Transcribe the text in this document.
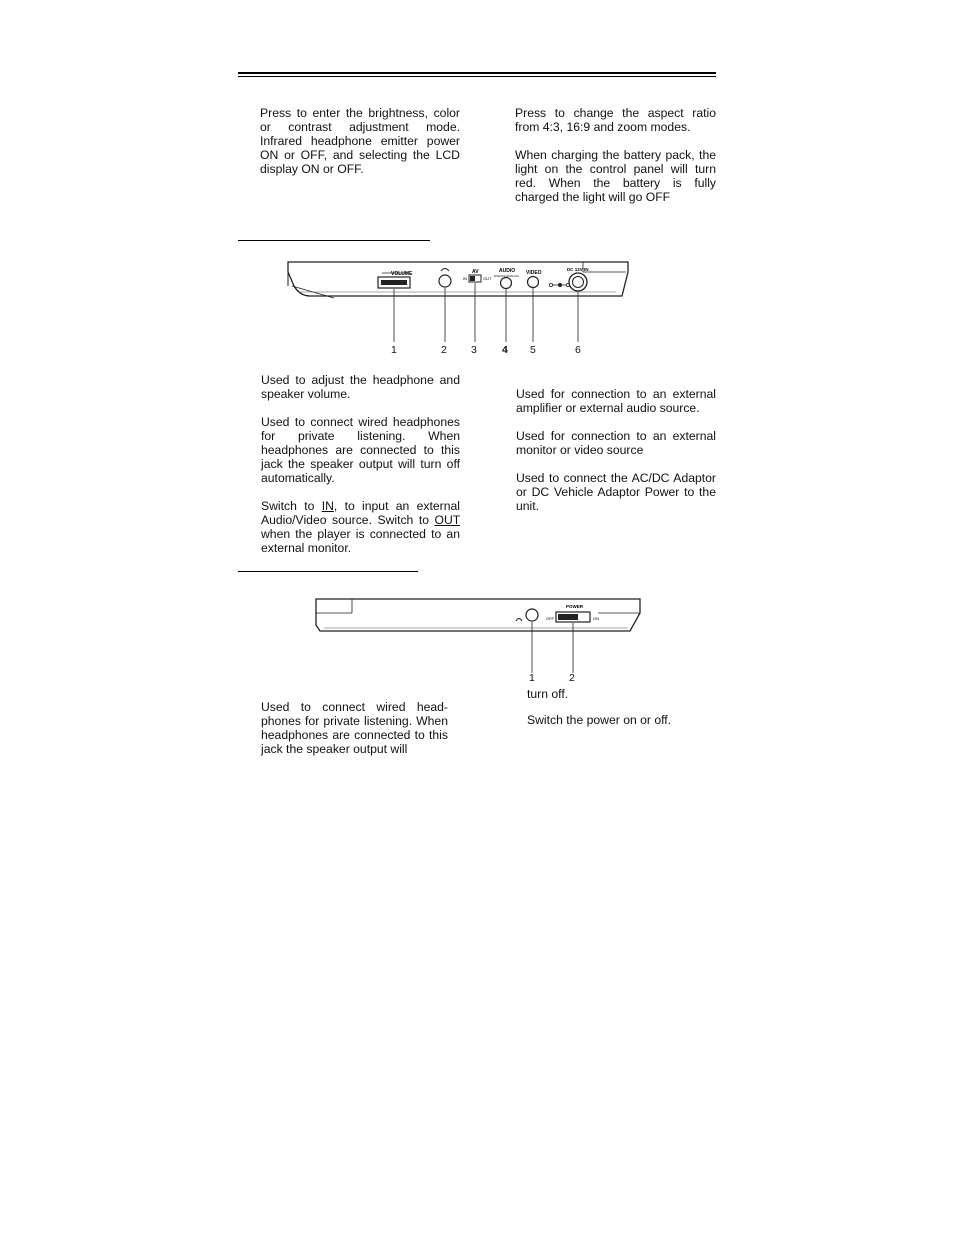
Press to enter the brightness, color or contrast adjustment mode. Infrared headphone emitter power ON or OFF, and selecting the LCD display ON or OFF.
Press to change the aspect ratio from 4:3, 16:9 and zoom modes.
When charging the battery pack, the light on the control panel will turn red. When the battery is fully charged the light will go OFF
VOLUME	AV
IN	OUT
AUDIO
DIGITAL/ANALOG VIDEO
DC 12V IN
1	2 3 4 5	6
Used to adjust the headphone and speaker volume.
Used to connect wired headphones for private listening. When headphones are connected to this jack the speaker output will turn off automatically.
Switch to IN, to input an external Audio/Video source. Switch to OUT when the player is connected to an external monitor.
Used for connection to an external amplifier or external audio source.
Used for connection to an external monitor or video source
Used to connect the AC/DC Adaptor or DC Vehicle Adaptor Power to the unit.
POWER
OFF	ON
1	2
Used to connect wired head-phones for private listening. When headphones are connected to this jack the speaker output will
turn off.
Switch the power on or off.
